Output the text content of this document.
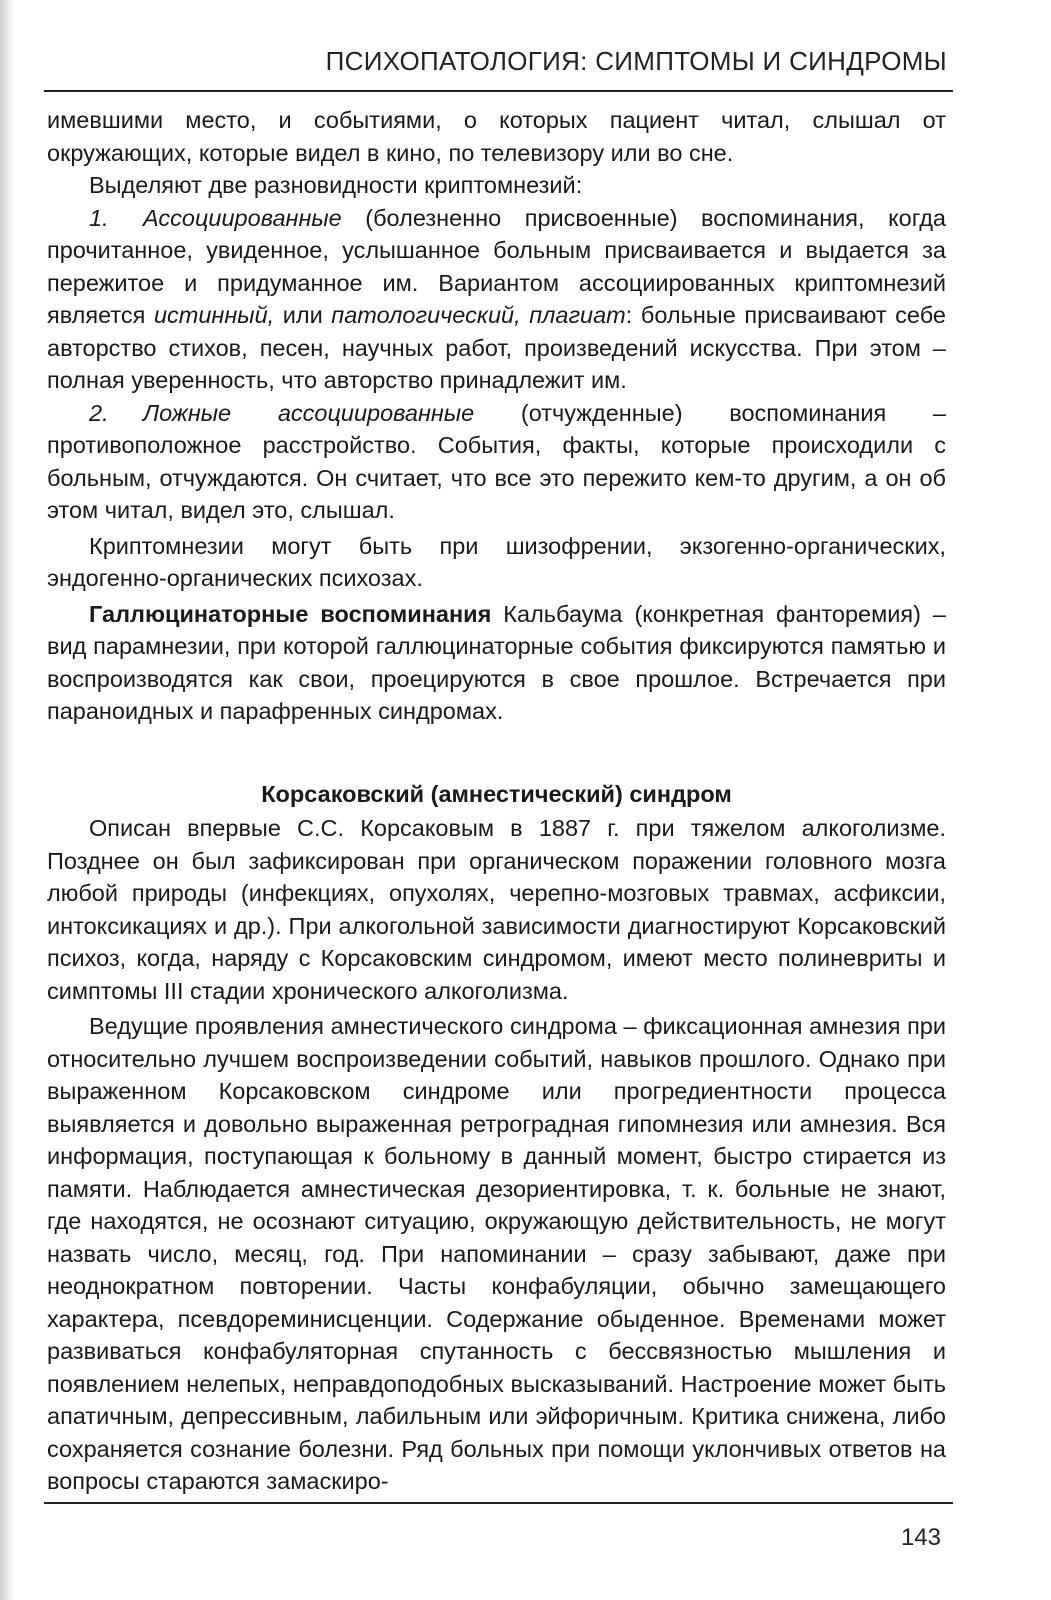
ПСИХОПАТОЛОГИЯ: СИМПТОМЫ И СИНДРОМЫ

имевшими место, и событиями, о которых пациент читал, слышал от окружающих, которые видел в кино, по телевизору или во сне.

Выделяют две разновидности криптомнезий:

1. Ассоциированные (болезненно присвоенные) воспоминания, когда прочитанное, увиденное, услышанное больным присваивается и выдается за пережитое и придуманное им. Вариантом ассоциированных криптомнезий является истинный, или патологический, плагиат: больные присваивают себе авторство стихов, песен, научных работ, произведений искусства. При этом – полная уверенность, что авторство принадлежит им.

2. Ложные ассоциированные (отчужденные) воспоминания – противоположное расстройство. События, факты, которые происходили с больным, отчуждаются. Он считает, что все это пережито кем-то другим, а он об этом читал, видел это, слышал.

Криптомнезии могут быть при шизофрении, экзогенно-органических, эндогенно-органических психозах.

Галлюцинаторные воспоминания Кальбаума (конкретная фанторемия) – вид парамнезии, при которой галлюцинаторные события фиксируются памятью и воспроизводятся как свои, проецируются в свое прошлое. Встречается при параноидных и парафренных синдромах.

Корсаковский (амнестический) синдром

Описан впервые С.С. Корсаковым в 1887 г. при тяжелом алкоголизме. Позднее он был зафиксирован при органическом поражении головного мозга любой природы (инфекциях, опухолях, черепно-мозговых травмах, асфиксии, интоксикациях и др.). При алкогольной зависимости диагностируют Корсаковский психоз, когда, наряду с Корсаковским синдромом, имеют место полиневриты и симптомы III стадии хронического алкоголизма.

Ведущие проявления амнестического синдрома – фиксационная амнезия при относительно лучшем воспроизведении событий, навыков прошлого. Однако при выраженном Корсаковском синдроме или прогредиентности процесса выявляется и довольно выраженная ретроградная гипомнезия или амнезия. Вся информация, поступающая к больному в данный момент, быстро стирается из памяти. Наблюдается амнестическая дезориентировка, т. к. больные не знают, где находятся, не осознают ситуацию, окружающую действительность, не могут назвать число, месяц, год. При напоминании – сразу забывают, даже при неоднократном повторении. Часты конфабуляции, обычно замещающего характера, псевдореминисценции. Содержание обыденное. Временами может развиваться конфабуляторная спутанность с бессвязностью мышления и появлением нелепых, неправдоподобных высказываний. Настроение может быть апатичным, депрессивным, лабильным или эйфоричным. Критика снижена, либо сохраняется сознание болезни. Ряд больных при помощи уклончивых ответов на вопросы стараются замаскиро-

143
